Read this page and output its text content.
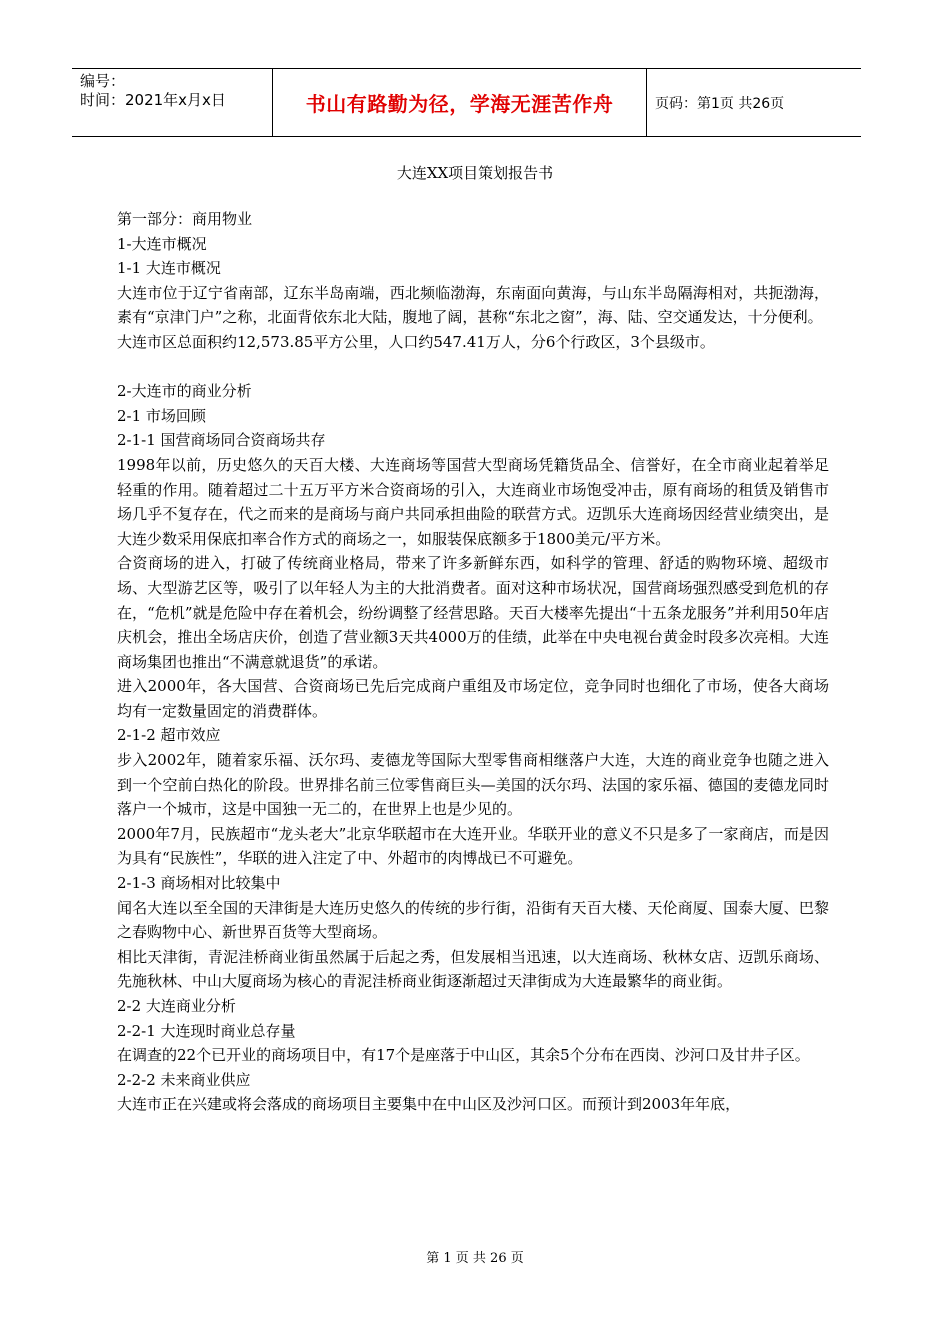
编号：
时间：2021年x月x日	书山有路勤为径，学海无涯苦作舟	页码：第1页 共26页
大连XX项目策划报告书

第一部分：商用物业

1-大连市概况

1-1 大连市概况

大连市位于辽宁省南部，辽东半岛南端，西北频临渤海，东南面向黄海，与山东半岛隔海相对，共扼渤海，素有“京津门户”之称，北面背依东北大陆，腹地了阔，甚称“东北之窗”，海、陆、空交通发达，十分便利。

大连市区总面积约12,573.85平方公里，人口约547.41万人，分6个行政区，3个县级市。

2-大连市的商业分析

2-1 市场回顾

2-1-1 国营商场同合资商场共存

1998年以前，历史悠久的天百大楼、大连商场等国营大型商场凭籍货品全、信誉好，在全市商业起着举足轻重的作用。随着超过二十五万平方米合资商场的引入，大连商业市场饱受冲击，原有商场的租赁及销售市场几乎不复存在，代之而来的是商场与商户共同承担曲险的联营方式。迈凯乐大连商场因经营业绩突出，是大连少数采用保底扣率合作方式的商场之一，如服装保底额多于1800美元/平方米。

合资商场的进入，打破了传统商业格局，带来了许多新鲜东西，如科学的管理、舒适的购物环境、超级市场、大型游艺区等，吸引了以年轻人为主的大批消费者。面对这种市场状况，国营商场强烈感受到危机的存在，“危机”就是危险中存在着机会，纷纷调整了经营思路。天百大楼率先提出“十五条龙服务”并利用50年店庆机会，推出全场店庆价，创造了营业额3天共4000万的佳绩，此举在中央电视台黄金时段多次亮相。大连商场集团也推出“不满意就退货”的承诺。

进入2000年，各大国营、合资商场已先后完成商户重组及市场定位，竞争同时也细化了市场，使各大商场均有一定数量固定的消费群体。

2-1-2 超市效应

步入2002年，随着家乐福、沃尔玛、麦德龙等国际大型零售商相继落户大连，大连的商业竞争也随之进入到一个空前白热化的阶段。世界排名前三位零售商巨头—美国的沃尔玛、法国的家乐福、德国的麦德龙同时落户一个城市，这是中国独一无二的，在世界上也是少见的。

2000年7月，民族超市“龙头老大”北京华联超市在大连开业。华联开业的意义不只是多了一家商店，而是因为具有“民族性”，华联的进入注定了中、外超市的肉博战已不可避免。

2-1-3 商场相对比较集中

闻名大连以至全国的天津街是大连历史悠久的传统的步行街，沿街有天百大楼、天伦商厦、国泰大厦、巴黎之春购物中心、新世界百货等大型商场。

相比天津街，青泥洼桥商业街虽然属于后起之秀，但发展相当迅速，以大连商场、秋林女店、迈凯乐商场、先施秋林、中山大厦商场为核心的青泥洼桥商业街逐渐超过天津街成为大连最繁华的商业街。

2-2 大连商业分析

2-2-1 大连现时商业总存量

在调查的22个已开业的商场项目中，有17个是座落于中山区，其余5个分布在西岗、沙河口及甘井子区。

2-2-2 未来商业供应

大连市正在兴建或将会落成的商场项目主要集中在中山区及沙河口区。而预计到2003年年底，

第 1 页 共 26 页
